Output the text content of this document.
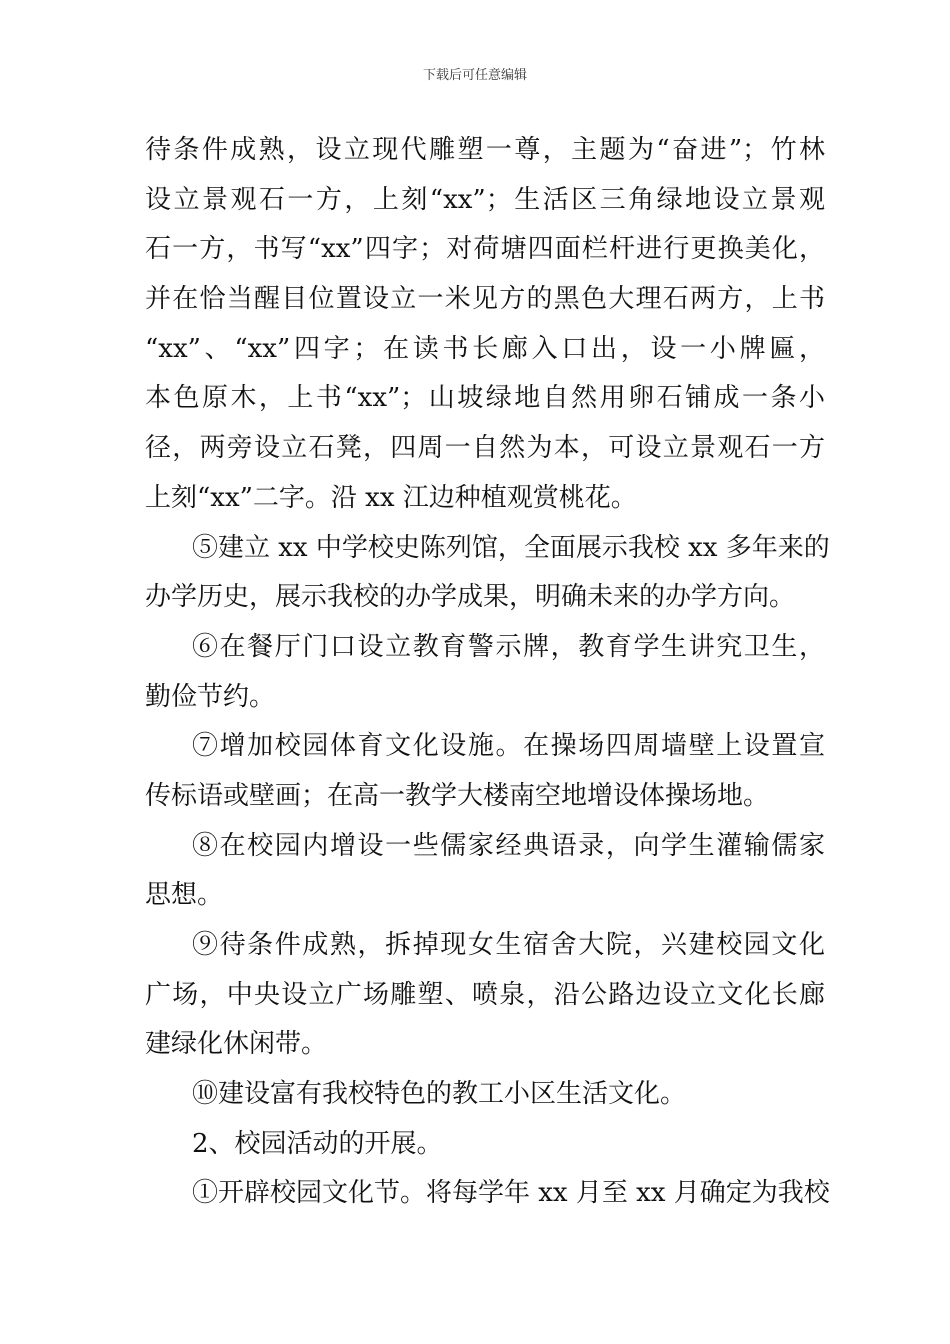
下载后可任意编辑
待条件成熟，设立现代雕塑一尊，主题为“奋进”；竹林
设立景观石一方，上刻“xx”；生活区三角绿地设立景观
石一方，书写“xx”四字；对荷塘四面栏杆进行更换美化，
并在恰当醒目位置设立一米见方的黑色大理石两方，上书
“xx”、“xx”四字；在读书长廊入口出，设一小牌匾，
本色原木，上书“xx”；山坡绿地自然用卵石铺成一条小
径，两旁设立石凳，四周一自然为本，可设立景观石一方
上刻“xx”二字。沿 xx 江边种植观赏桃花。
⑤建立 xx 中学校史陈列馆，全面展示我校 xx 多年来的
办学历史，展示我校的办学成果，明确未来的办学方向。
⑥在餐厅门口设立教育警示牌，教育学生讲究卫生，
勤俭节约。
⑦增加校园体育文化设施。在操场四周墙壁上设置宣
传标语或壁画；在高一教学大楼南空地增设体操场地。
⑧在校园内增设一些儒家经典语录，向学生灌输儒家
思想。
⑨待条件成熟，拆掉现女生宿舍大院，兴建校园文化
广场，中央设立广场雕塑、喷泉，沿公路边设立文化长廊
建绿化休闲带。
⑩建设富有我校特色的教工小区生活文化。
2、校园活动的开展。
①开辟校园文化节。将每学年 xx 月至 xx 月确定为我校
